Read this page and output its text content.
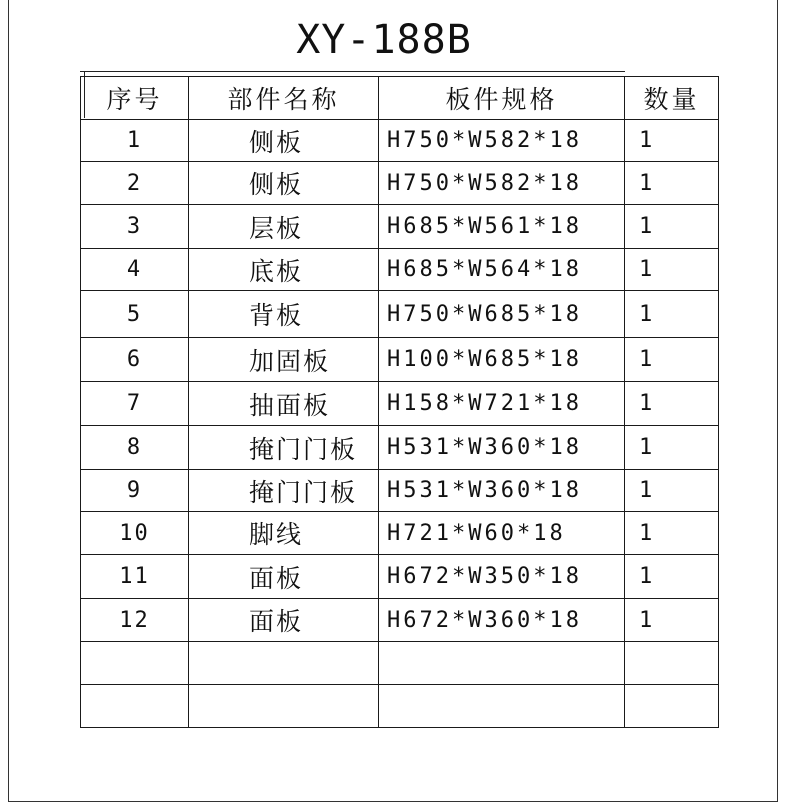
XY-188B
序号	部件名称	板件规格	数量
1	侧板	H750*W582*18	1
2	侧板	H750*W582*18	1
3	层板	H685*W561*18	1
4	底板	H685*W564*18	1
5	背板	H750*W685*18	1
6	加固板	H100*W685*18	1
7	抽面板	H158*W721*18	1
8	掩门门板	H531*W360*18	1
9	掩门门板	H531*W360*18	1
10	脚线	H721*W60*18	1
11	面板	H672*W350*18	1
12	面板	H672*W360*18	1
